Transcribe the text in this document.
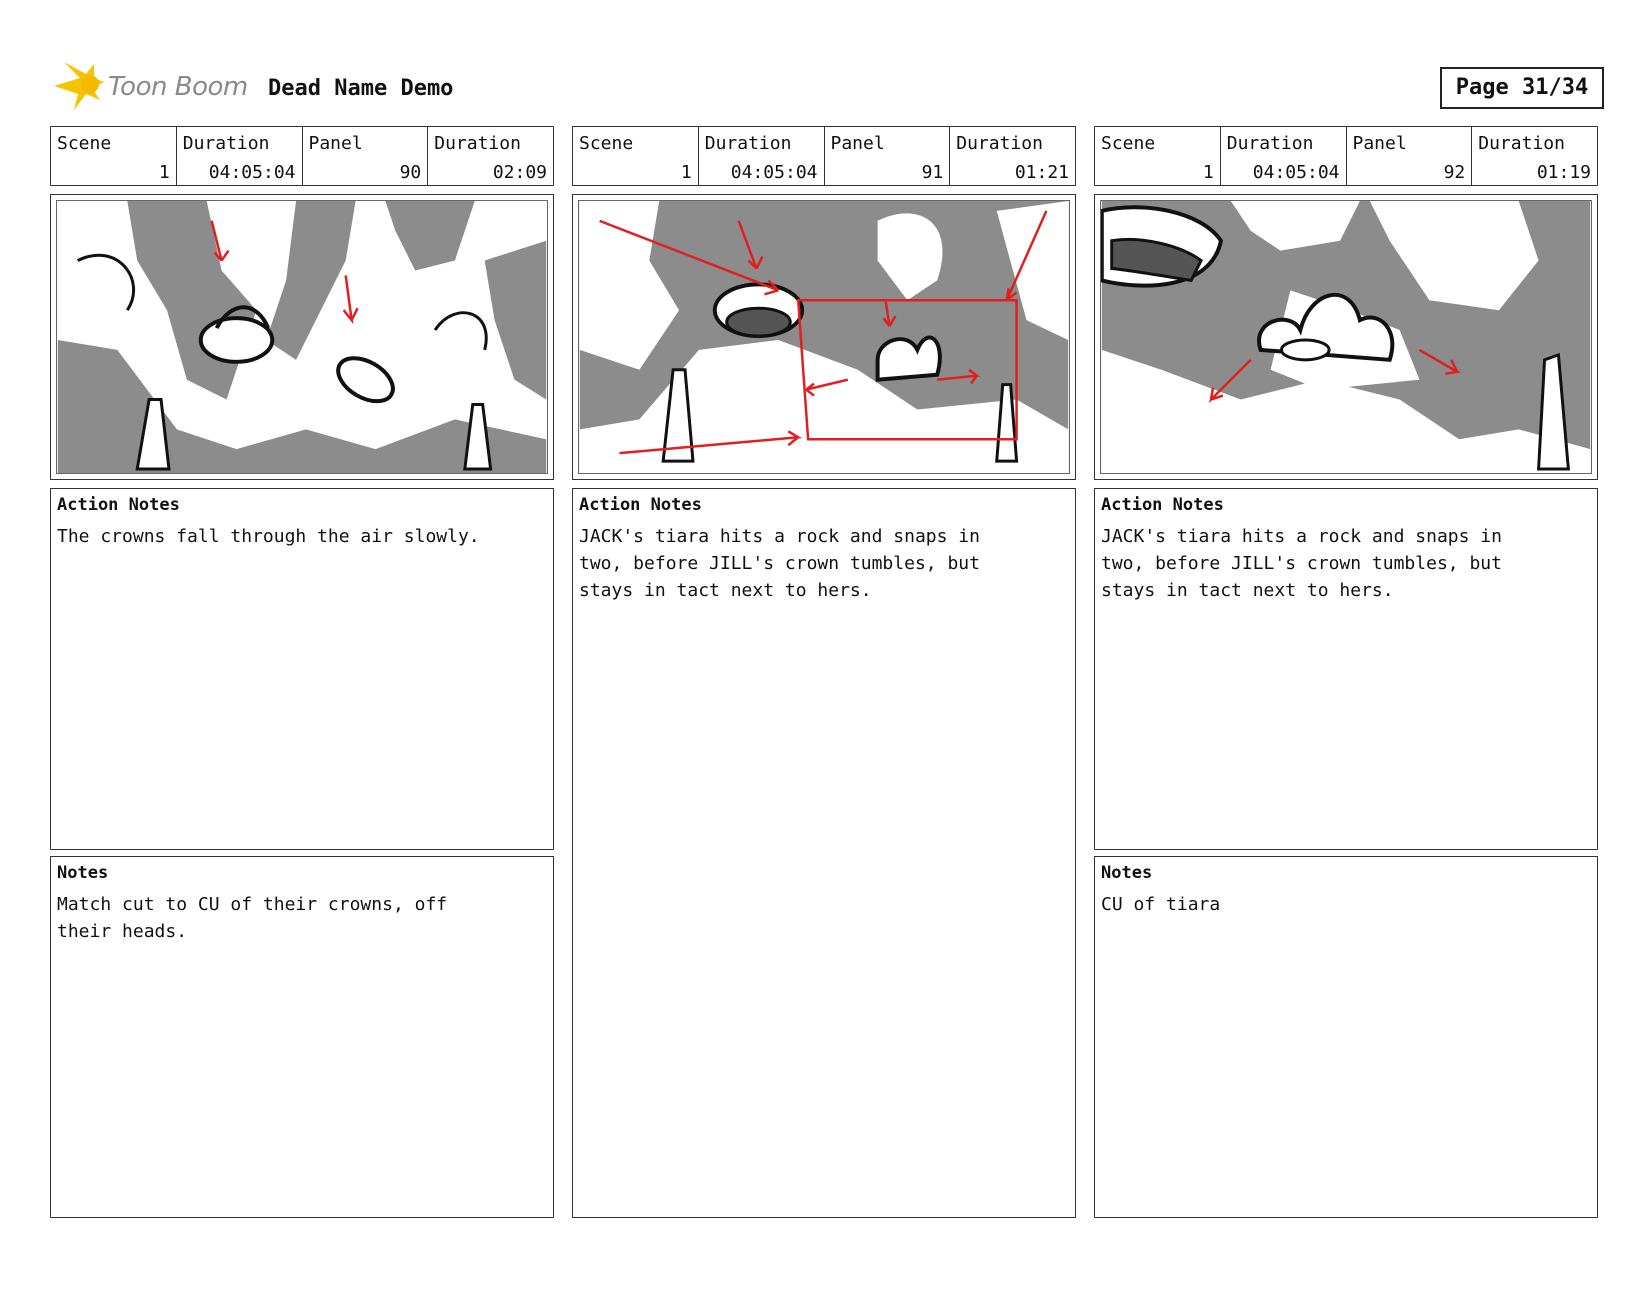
Toon Boom Dead Name Demo	Page 31/34
Scene
1
Duration
04:05:04
Panel
90
Duration
02:09
Action Notes
The crowns fall through the air slowly.
Notes
Match cut to CU of their crowns, off
their heads.
Scene
1
Duration
04:05:04
Panel
91
Duration
01:21
Action Notes
JACK's tiara hits a rock and snaps in
two, before JILL's crown tumbles, but
stays in tact next to hers.
Scene
1
Duration
04:05:04
Panel
92
Duration
01:19
Action Notes
JACK's tiara hits a rock and snaps in
two, before JILL's crown tumbles, but
stays in tact next to hers.
Notes
CU of tiara
